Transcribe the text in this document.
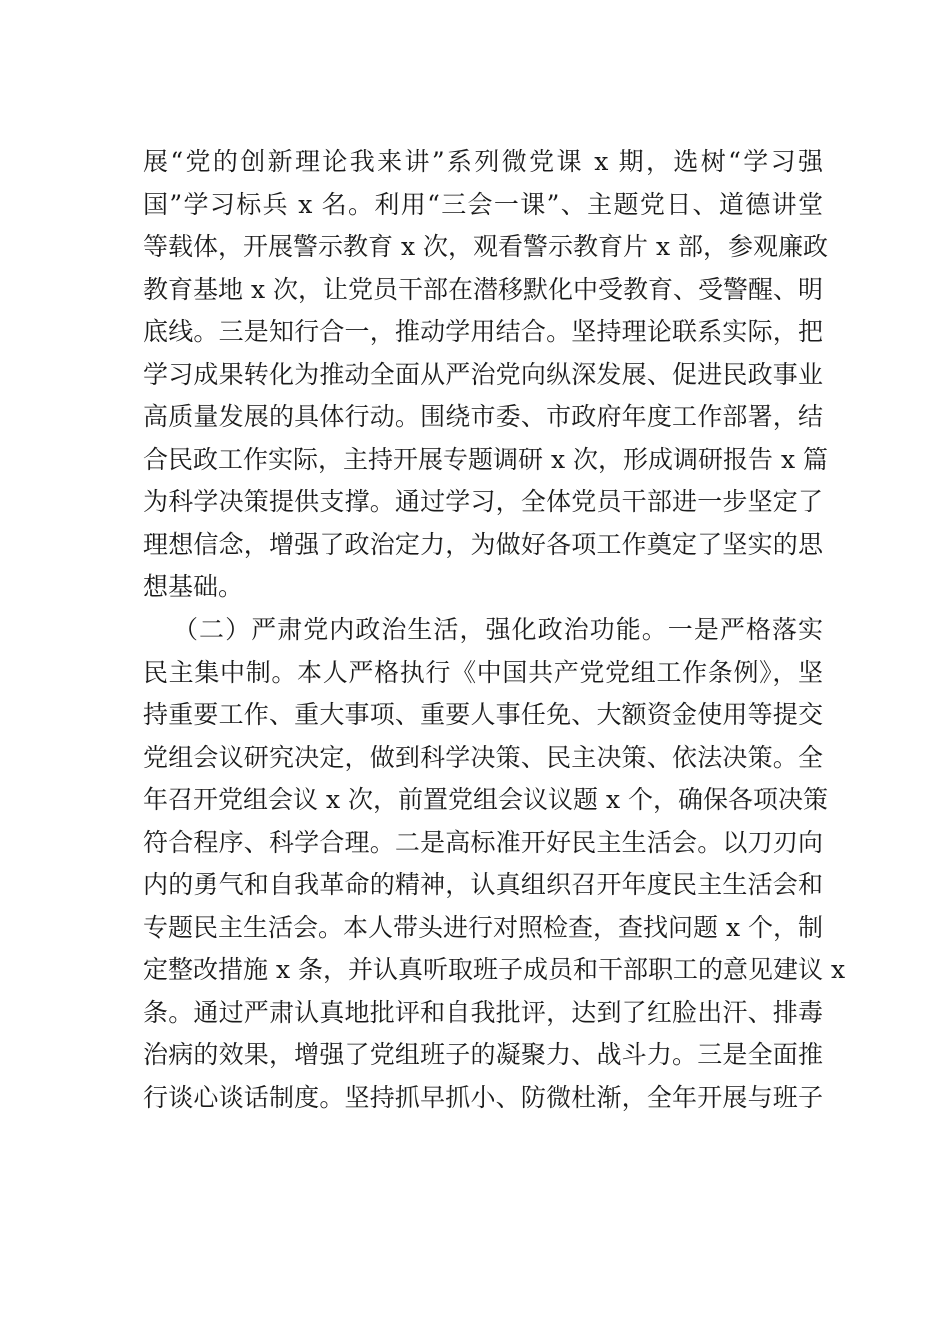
展“党的创新理论我来讲”系列微党课 x 期，选树“学习强
国”学习标兵 x 名。利用“三会一课”、主题党日、道德讲堂
等载体，开展警示教育 x 次，观看警示教育片 x 部，参观廉政
教育基地 x 次，让党员干部在潜移默化中受教育、受警醒、明
底线。三是知行合一，推动学用结合。坚持理论联系实际，把
学习成果转化为推动全面从严治党向纵深发展、促进民政事业
高质量发展的具体行动。围绕市委、市政府年度工作部署，结
合民政工作实际，主持开展专题调研 x 次，形成调研报告 x 篇
为科学决策提供支撑。通过学习，全体党员干部进一步坚定了
理想信念，增强了政治定力，为做好各项工作奠定了坚实的思
想基础。
（二）严肃党内政治生活，强化政治功能。一是严格落实
民主集中制。本人严格执行《中国共产党党组工作条例》，坚
持重要工作、重大事项、重要人事任免、大额资金使用等提交
党组会议研究决定，做到科学决策、民主决策、依法决策。全
年召开党组会议 x 次，前置党组会议议题 x 个，确保各项决策
符合程序、科学合理。二是高标准开好民主生活会。以刀刃向
内的勇气和自我革命的精神，认真组织召开年度民主生活会和
专题民主生活会。本人带头进行对照检查，查找问题 x 个，制
定整改措施 x 条，并认真听取班子成员和干部职工的意见建议 x
条。通过严肃认真地批评和自我批评，达到了红脸出汗、排毒
治病的效果，增强了党组班子的凝聚力、战斗力。三是全面推
行谈心谈话制度。坚持抓早抓小、防微杜渐，全年开展与班子
